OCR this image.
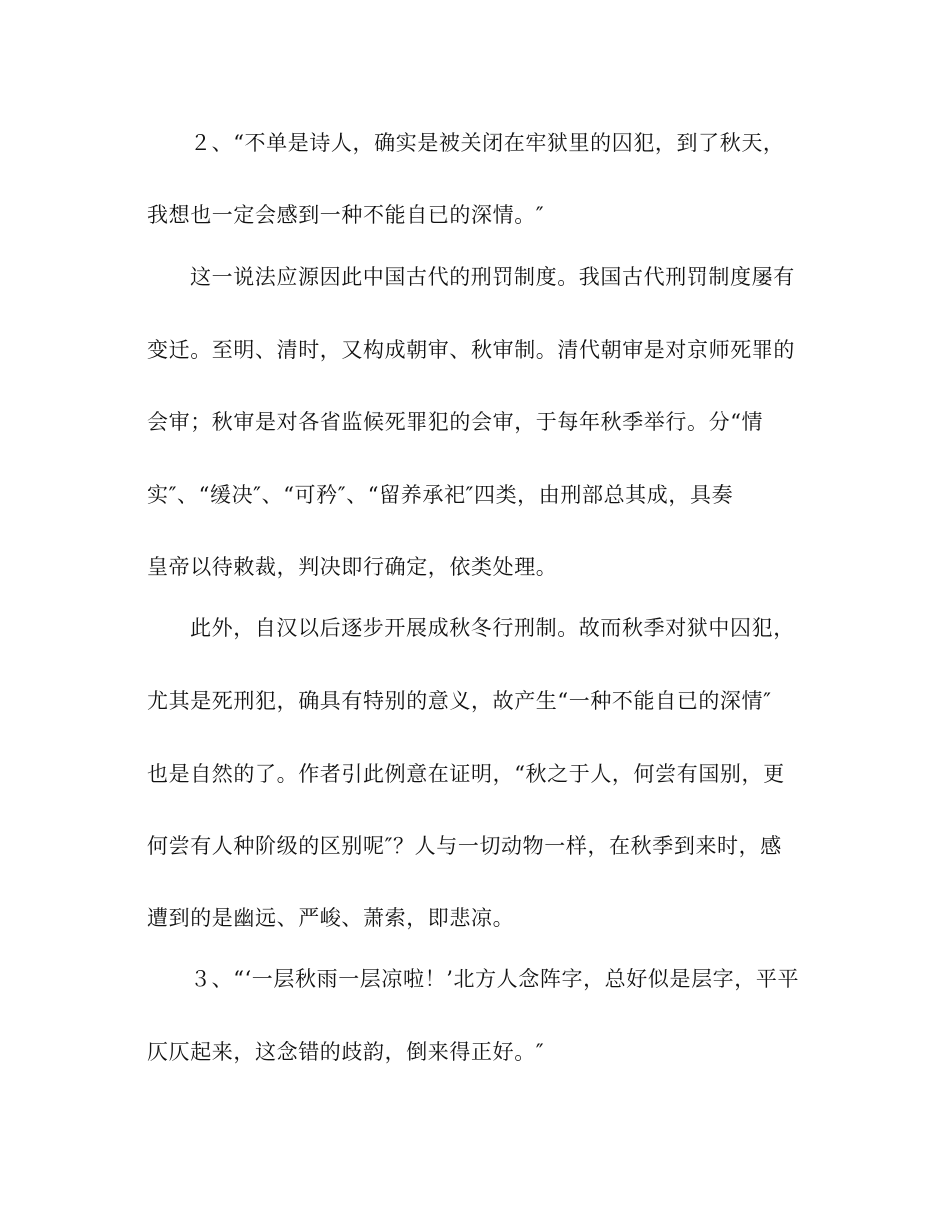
２、“不单是诗人，确实是被关闭在牢狱里的囚犯，到了秋天，
我想也一定会感到一种不能自已的深情。″
这一说法应源因此中国古代的刑罚制度。我国古代刑罚制度屡有
变迁。至明、清时，又构成朝审、秋审制。清代朝审是对京师死罪的
会审；秋审是对各省监候死罪犯的会审，于每年秋季举行。分“情
实″、“缓决″、“可矜″、“留养承祀″四类，由刑部总其成，具奏
皇帝以待敕裁，判决即行确定，依类处理。
此外，自汉以后逐步开展成秋冬行刑制。故而秋季对狱中囚犯，
尤其是死刑犯，确具有特别的意义，故产生“一种不能自已的深情″
也是自然的了。作者引此例意在证明，“秋之于人，何尝有国别，更
何尝有人种阶级的区别呢″？人与一切动物一样，在秋季到来时，感
遭到的是幽远、严峻、萧索，即悲凉。
３、“‘一层秋雨一层凉啦！’北方人念阵字，总好似是层字，平平
仄仄起来，这念错的歧韵，倒来得正好。″
